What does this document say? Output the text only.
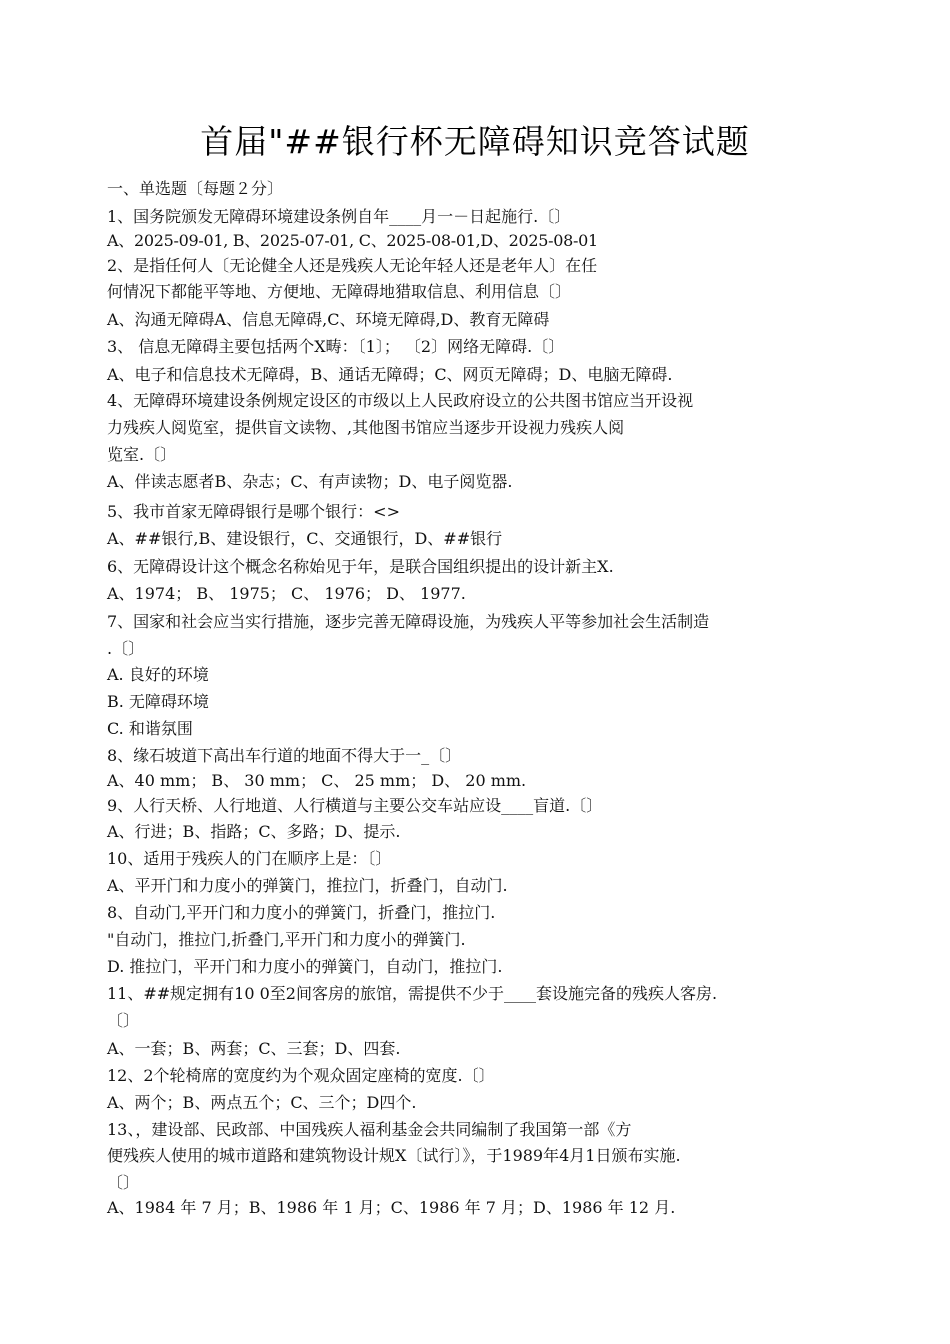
首届"##银行杯无障碍知识竞答试题
一、单选题〔每题２分〕
1、国务院颁发无障碍环境建设条例自年____月一－日起施行.〔〕
A、2025-09-01, B、2025-07-01, C、2025-08-01,D、2025-08-01
2、是指任何人〔无论健全人还是残疾人无论年轻人还是老年人〕在任
何情况下都能平等地、方便地、无障碍地猎取信息、利用信息〔〕
A、沟通无障碍A、信息无障碍,C、环境无障碍,D、教育无障碍
3、 信息无障碍主要包括两个X畴：〔1〕； 〔2〕网络无障碍.〔〕
A、电子和信息技术无障碍，B、通话无障碍；C、网页无障碍；D、电脑无障碍.
4、无障碍环境建设条例规定设区的市级以上人民政府设立的公共图书馆应当开设视
力残疾人阅览室，提供盲文读物、,其他图书馆应当逐步开设视力残疾人阅
览室.〔〕
A、伴读志愿者B、杂志；C、有声读物；D、电子阅览器.
5、我市首家无障碍银行是哪个银行：<>
A、##银行,B、建设银行，C、交通银行，D、##银行
6、无障碍设计这个概念名称始见于年，是联合国组织提出的设计新主X.
A、1974； B、 1975； C、 1976； D、 1977.
7、国家和社会应当实行措施，逐步完善无障碍设施，为残疾人平等参加社会生活制造
.〔〕
A. 良好的环境
B. 无障碍环境
C. 和谐氛围
8、缘石坡道下高出车行道的地面不得大于一_〔〕
A、40 mm； B、 30 mm； C、 25 mm； D、 20 mm.
9、人行天桥、人行地道、人行横道与主要公交车站应设____盲道.〔〕
A、行进；B、指路；C、多路；D、提示.
10、适用于残疾人的门在顺序上是：〔〕
A、平开门和力度小的弹簧门，推拉门，折叠门，自动门.
8、自动门,平开门和力度小的弹簧门，折叠门，推拉门.
"自动门，推拉门,折叠门,平开门和力度小的弹簧门.
D. 推拉门，平开门和力度小的弹簧门，自动门，推拉门.
11、##规定拥有10 0至2间客房的旅馆，需提供不少于____套设施完备的残疾人客房.
〔〕
A、一套；B、两套；C、三套；D、四套.
12、2个轮椅席的宽度约为个观众固定座椅的宽度.〔〕
A、两个；B、两点五个；C、三个；D四个.
13、，建设部、民政部、中国残疾人福利基金会共同编制了我国第一部《方
便残疾人使用的城市道路和建筑物设计规X〔试行〕》，于1989年4月1日颁布实施.
〔〕
A、1984 年 7 月；B、1986 年 1 月；C、1986 年 7 月；D、1986 年 12 月.
